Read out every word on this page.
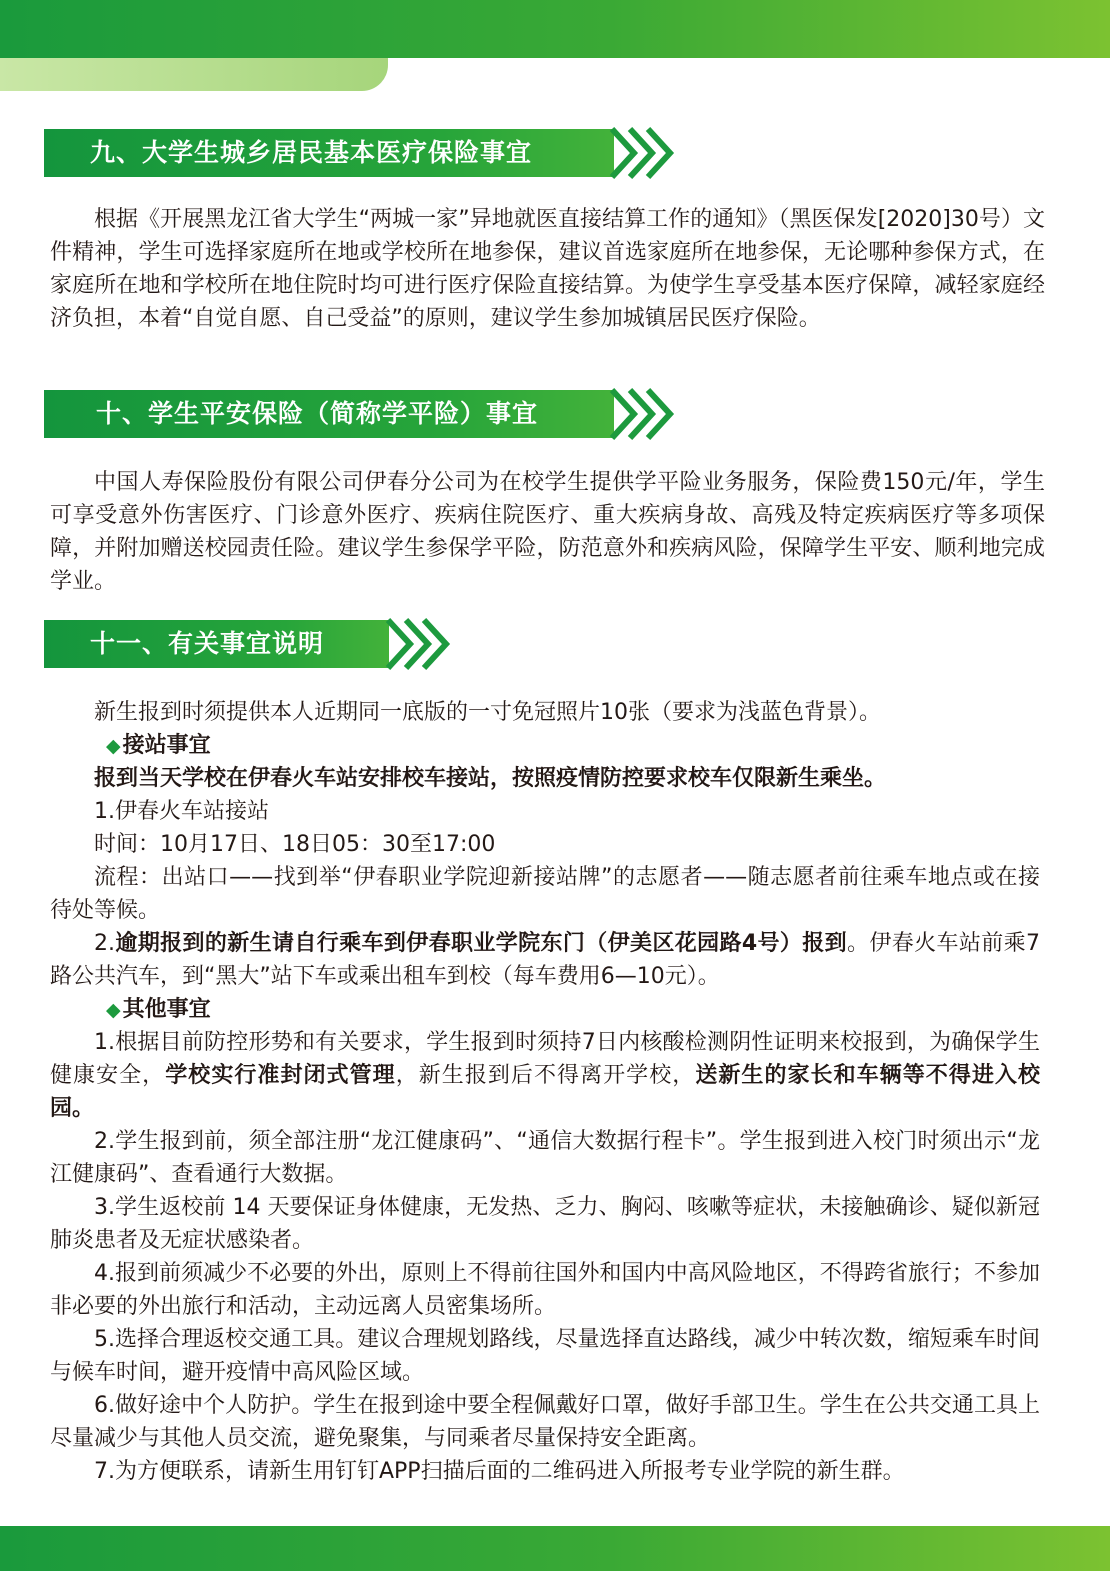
九、大学生城乡居民基本医疗保险事宜

根据《开展黑龙江省大学生“两城一家”异地就医直接结算工作的通知》（黑医保发[2020]30号）文件精神，学生可选择家庭所在地或学校所在地参保，建议首选家庭所在地参保，无论哪种参保方式，在家庭所在地和学校所在地住院时均可进行医疗保险直接结算。为使学生享受基本医疗保障，减轻家庭经济负担，本着“自觉自愿、自己受益”的原则，建议学生参加城镇居民医疗保险。

十、学生平安保险（简称学平险）事宜

中国人寿保险股份有限公司伊春分公司为在校学生提供学平险业务服务，保险费150元/年，学生可享受意外伤害医疗、门诊意外医疗、疾病住院医疗、重大疾病身故、高残及特定疾病医疗等多项保障，并附加赠送校园责任险。建议学生参保学平险，防范意外和疾病风险，保障学生平安、顺利地完成学业。

十一、有关事宜说明

新生报到时须提供本人近期同一底版的一寸免冠照片10张（要求为浅蓝色背景）。

◆接站事宜

报到当天学校在伊春火车站安排校车接站，按照疫情防控要求校车仅限新生乘坐。

1.伊春火车站接站

时间：10月17日、18日05：30至17:00

流程：出站口——找到举“伊春职业学院迎新接站牌”的志愿者——随志愿者前往乘车地点或在接待处等候。

2.逾期报到的新生请自行乘车到伊春职业学院东门（伊美区花园路4号）报到。伊春火车站前乘7路公共汽车，到“黑大”站下车或乘出租车到校（每车费用6—10元）。

◆其他事宜

1.根据目前防控形势和有关要求，学生报到时须持7日内核酸检测阴性证明来校报到，为确保学生健康安全，学校实行准封闭式管理，新生报到后不得离开学校，送新生的家长和车辆等不得进入校园。

2.学生报到前，须全部注册“龙江健康码”、“通信大数据行程卡”。学生报到进入校门时须出示“龙江健康码”、查看通行大数据。

3.学生返校前 14 天要保证身体健康，无发热、乏力、胸闷、咳嗽等症状，未接触确诊、疑似新冠肺炎患者及无症状感染者。

4.报到前须减少不必要的外出，原则上不得前往国外和国内中高风险地区，不得跨省旅行；不参加非必要的外出旅行和活动，主动远离人员密集场所。

5.选择合理返校交通工具。建议合理规划路线，尽量选择直达路线，减少中转次数，缩短乘车时间与候车时间，避开疫情中高风险区域。

6.做好途中个人防护。学生在报到途中要全程佩戴好口罩，做好手部卫生。学生在公共交通工具上尽量减少与其他人员交流，避免聚集，与同乘者尽量保持安全距离。

7.为方便联系，请新生用钉钉APP扫描后面的二维码进入所报考专业学院的新生群。
